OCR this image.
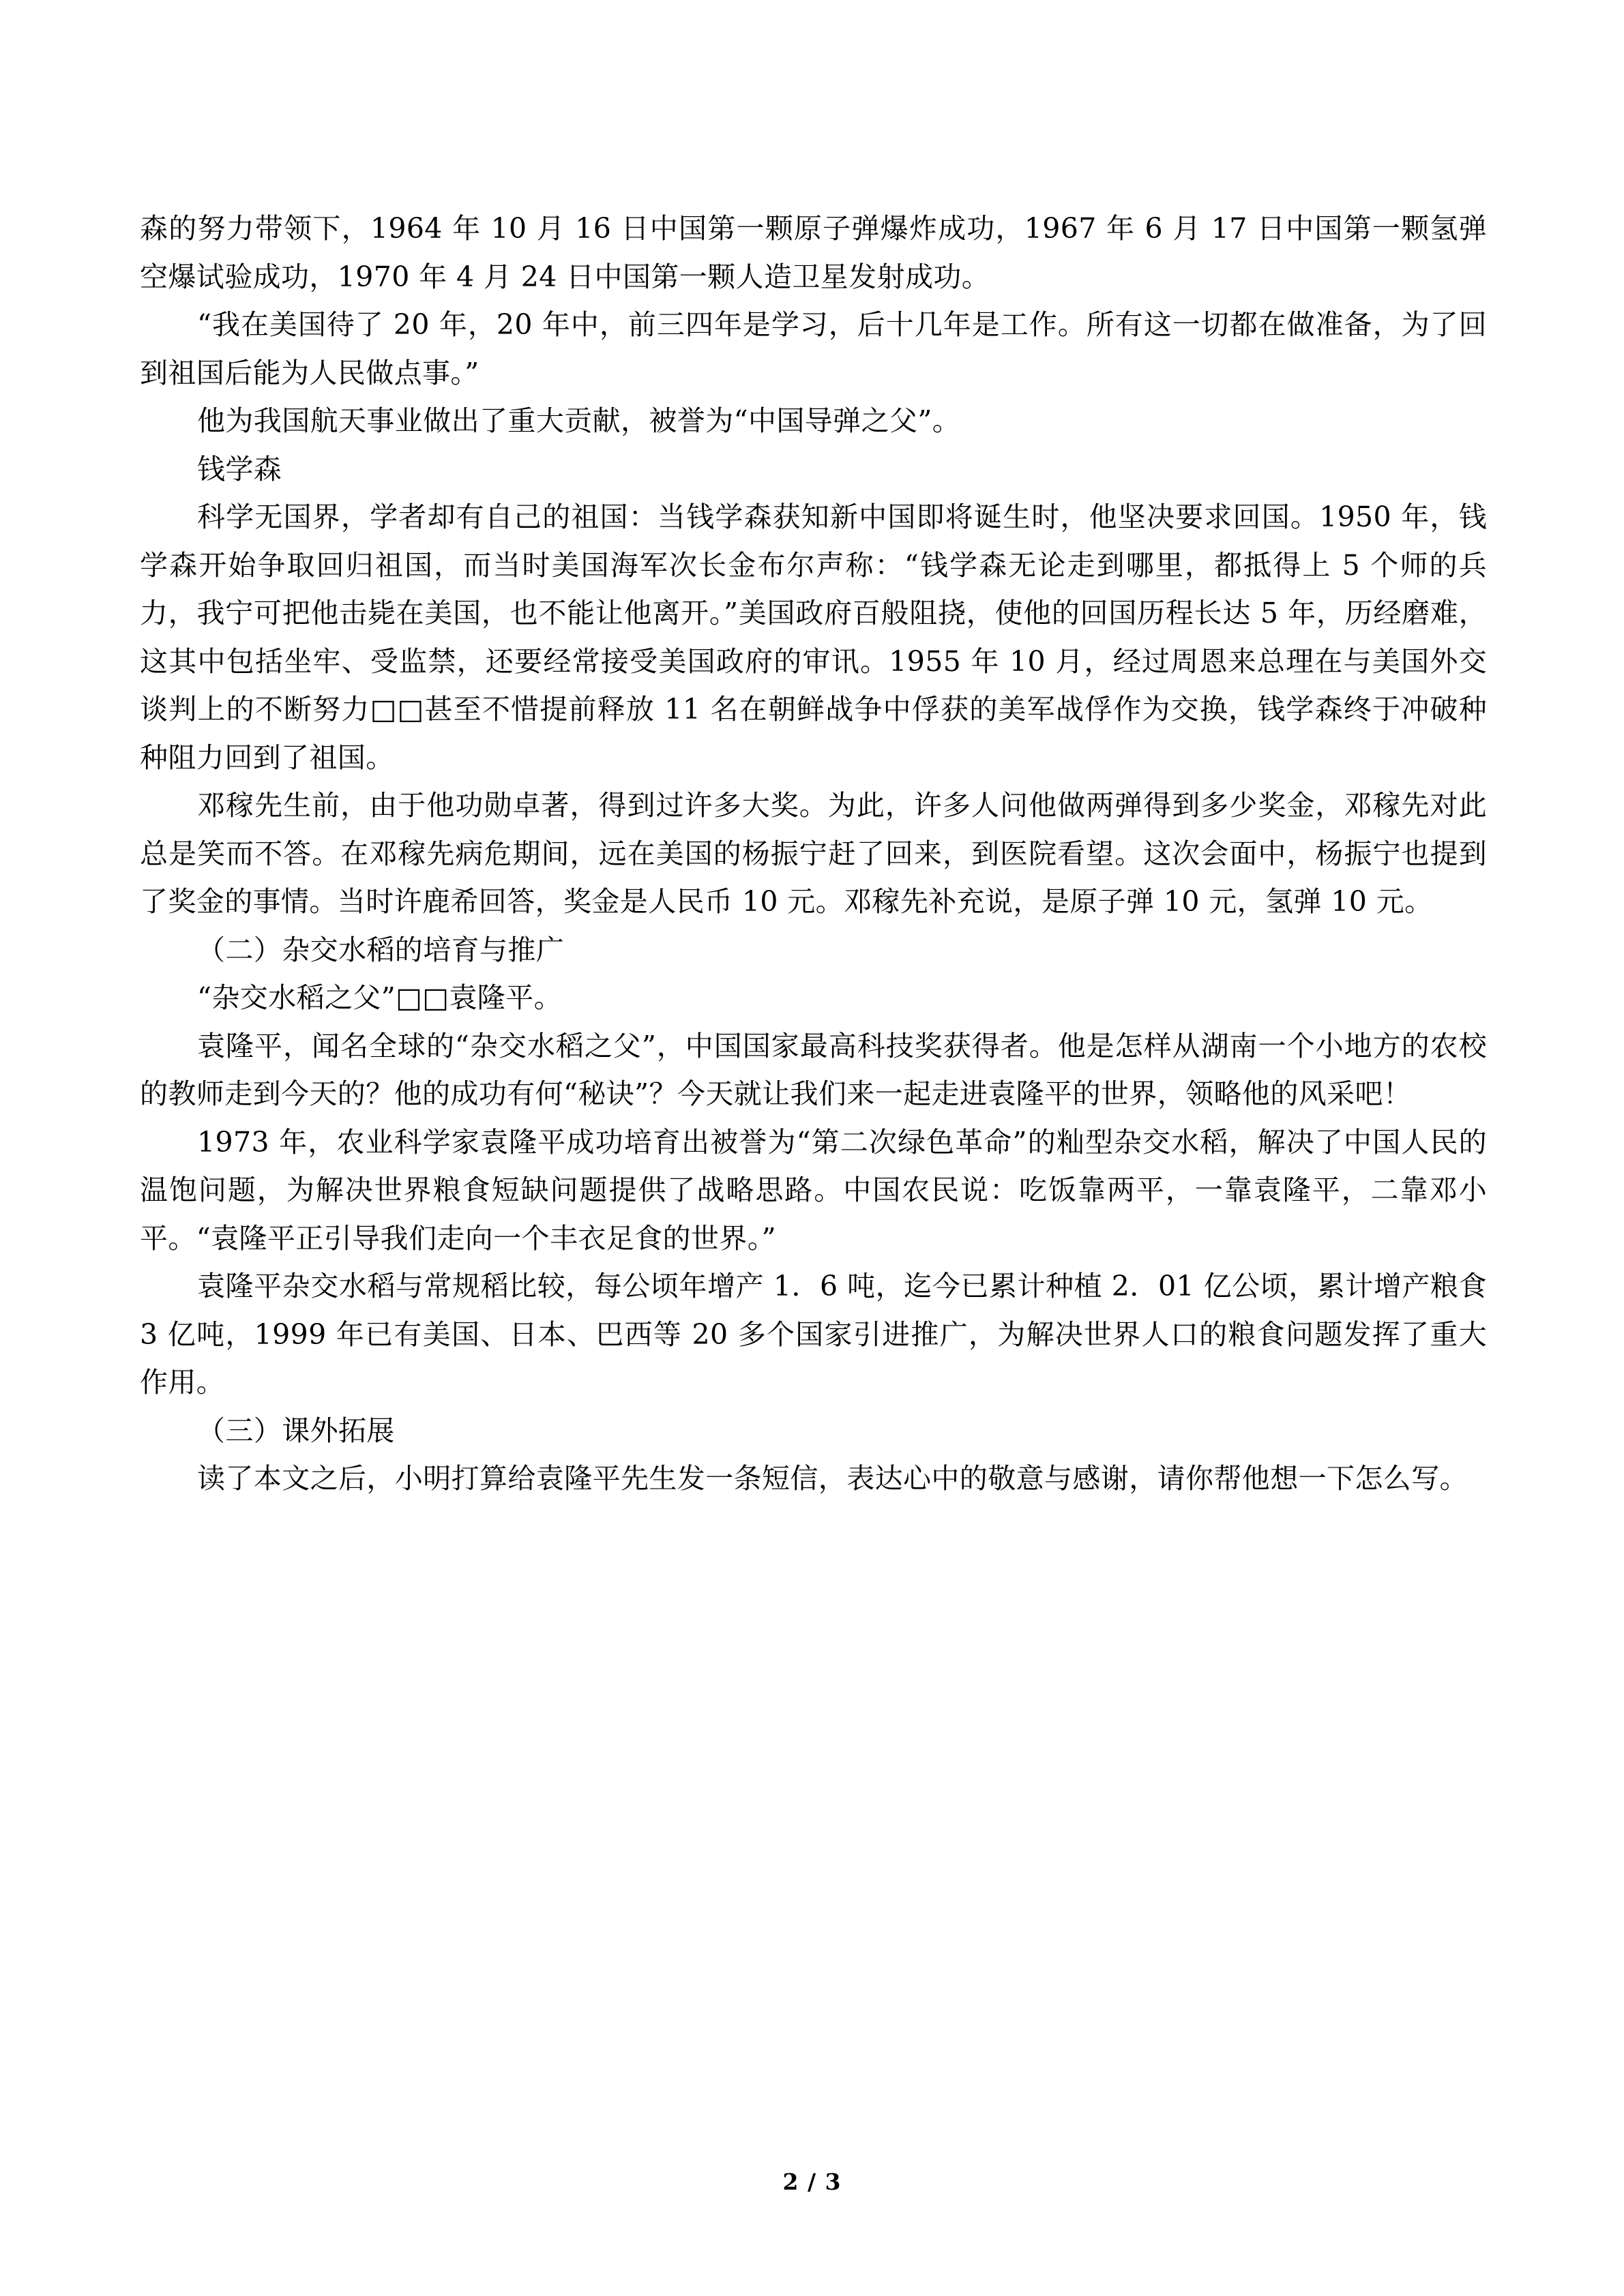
森的努力带领下，1964 年 10 月 16 日中国第一颗原子弹爆炸成功，1967 年 6 月 17 日中国第一颗氢弹空爆试验成功，1970 年 4 月 24 日中国第一颗人造卫星发射成功。

“我在美国待了 20 年，20 年中，前三四年是学习，后十几年是工作。所有这一切都在做准备，为了回到祖国后能为人民做点事。”

他为我国航天事业做出了重大贡献，被誉为“中国导弹之父”。

钱学森

科学无国界，学者却有自己的祖国：当钱学森获知新中国即将诞生时，他坚决要求回国。1950 年，钱学森开始争取回归祖国，而当时美国海军次长金布尔声称：“钱学森无论走到哪里，都抵得上 5 个师的兵力，我宁可把他击毙在美国，也不能让他离开。”美国政府百般阻挠，使他的回国历程长达 5 年，历经磨难，这其中包括坐牢、受监禁，还要经常接受美国政府的审讯。1955 年 10 月，经过周恩来总理在与美国外交谈判上的不断努力□□甚至不惜提前释放 11 名在朝鲜战争中俘获的美军战俘作为交换，钱学森终于冲破种种阻力回到了祖国。

邓稼先生前，由于他功勋卓著，得到过许多大奖。为此，许多人问他做两弹得到多少奖金，邓稼先对此总是笑而不答。在邓稼先病危期间，远在美国的杨振宁赶了回来，到医院看望。这次会面中，杨振宁也提到了奖金的事情。当时许鹿希回答，奖金是人民币 10 元。邓稼先补充说，是原子弹 10 元，氢弹 10 元。

（二）杂交水稻的培育与推广

“杂交水稻之父”□□袁隆平。

袁隆平，闻名全球的“杂交水稻之父”，中国国家最高科技奖获得者。他是怎样从湖南一个小地方的农校的教师走到今天的？他的成功有何“秘诀”？今天就让我们来一起走进袁隆平的世界，领略他的风采吧！

1973 年，农业科学家袁隆平成功培育出被誉为“第二次绿色革命”的籼型杂交水稻，解决了中国人民的温饱问题，为解决世界粮食短缺问题提供了战略思路。中国农民说：吃饭靠两平，一靠袁隆平，二靠邓小平。“袁隆平正引导我们走向一个丰衣足食的世界。”

袁隆平杂交水稻与常规稻比较，每公顷年增产 1．6 吨，迄今已累计种植 2．01 亿公顷，累计增产粮食 3 亿吨，1999 年已有美国、日本、巴西等 20 多个国家引进推广，为解决世界人口的粮食问题发挥了重大作用。

（三）课外拓展

读了本文之后，小明打算给袁隆平先生发一条短信，表达心中的敬意与感谢，请你帮他想一下怎么写。

2 / 3
